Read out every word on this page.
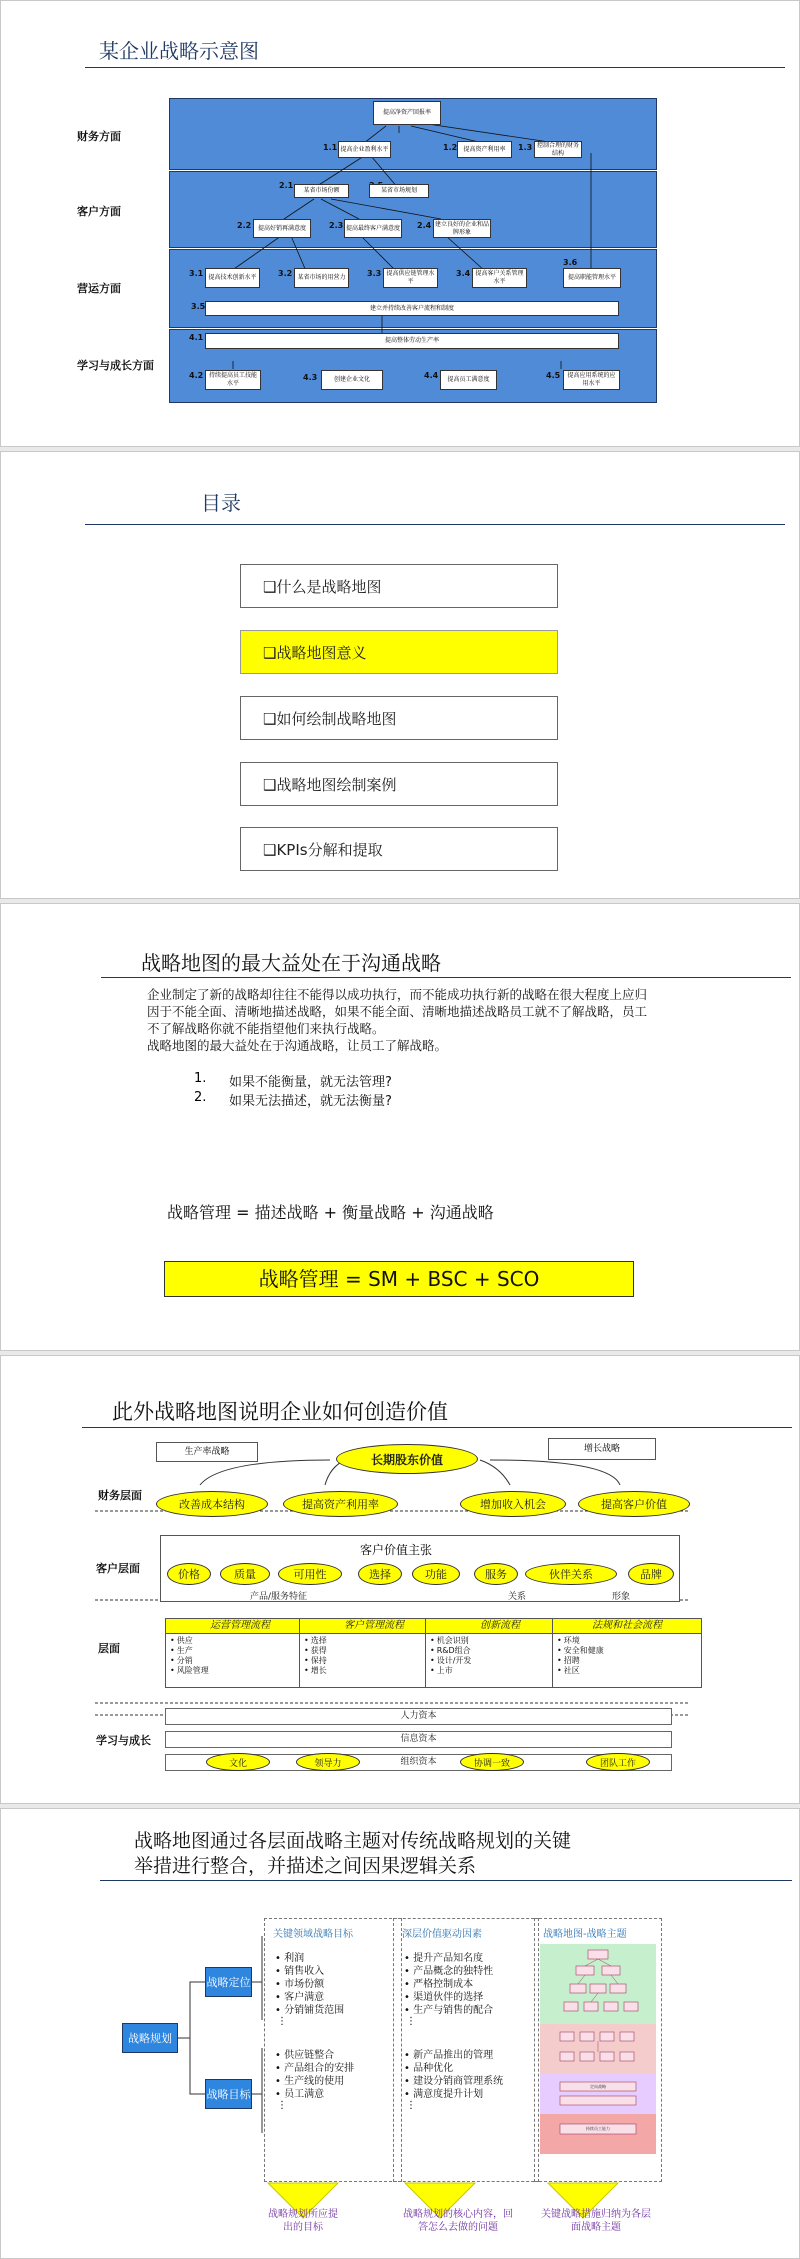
某企业战略示意图
财务方面
客户方面
营运方面
学习与成长方面
提高净资产回报率
1.1 提高企业盈利水平	1.2	提高资产利用率	1.3 控制合理的财务结构
2.1
某省市场份额	某省市场规划
2.2	提高好销再满意度	2.3 提高最终客户满意度 2.4 建立良好的企业和品牌形象
3.1 提高技术创新水平	3.2 某省市场的用营力	3.3 提高供应链管理水平
3.4 提高客户关系管理水平
3.6
提高职能管理水平
3.5	建立并持续改善客户流程和制度
4.1	提高整体劳动生产率
4.2 持续提高员工技能水平
4.3	创建企业文化	4.4	提高员工满意度	4.5	提高应用系统的应用水平
目录
❑什么是战略地图
❑战略地图意义
❑如何绘制战略地图
❑战略地图绘制案例
❑KPIs分解和提取
战略地图的最大益处在于沟通战略
企业制定了新的战略却往往不能得以成功执行，而不能成功执行新的战略在很大程度上应归因于不能全面、清晰地描述战略，如果不能全面、清晰地描述战略员工就不了解战略，员工不了解战略你就不能指望他们来执行战略。
战略地图的最大益处在于沟通战略，让员工了解战略。
1. 如果不能衡量，就无法管理?
2. 如果无法描述，就无法衡量?
战略管理 = 描述战略 + 衡量战略 + 沟通战略
战略管理 = SM + BSC + SCO
此外战略地图说明企业如何创造价值
生产率战略	增长战略
长期股东价值
财务层面
改善成本结构	提高资产利用率	增加收入机会	提高客户价值
客户层面
客户价值主张
价格	质量	可用性	选择	功能	服务	伙伴关系	品牌
产品/服务特征	关系	形象
层面
运营管理流程
• 供应
• 生产
• 分销
• 风险管理
客户管理流程
• 选择
• 获得
• 保持
• 增长
创新流程
• 机会识别
• R&D组合
• 设计/开发
• 上市
法规和社会流程
• 环境
• 安全和健康
• 招聘
• 社区
学习与成长
人力资本
信息资本
组织资本
文化	领导力	协调一致	团队工作
战略地图通过各层面战略主题对传统战略规划的关键
举措进行整合，并描述之间因果逻辑关系
战略规划
战略定位
战略目标
关键领域战略目标
• 利润
• 销售收入
• 市场份额
• 客户满意
• 分销铺货范围
⋮
• 供应链整合
• 产品组合的安排
• 生产线的使用
• 员工满意
⋮
深层价值驱动因素
• 提升产品知名度
• 产品概念的独特性
• 严格控制成本
• 渠道伙伴的选择
• 生产与销售的配合
⋮
• 新产品推出的管理
• 品种优化
• 建设分销商管理系统
• 满意度提升计划
⋮
战略地图-战略主题
定向战略
持续员工能力
战略规划所应提出的目标
战略规划的核心内容，回答怎么去做的问题
关键战略措施归纳为各层面战略主题
